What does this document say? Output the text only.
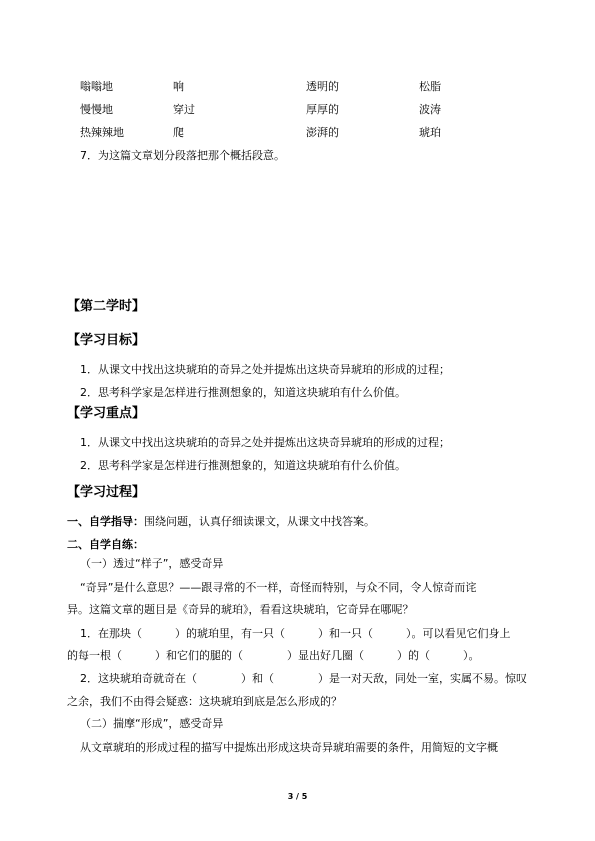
嗡嗡地	响	透明的	松脂
慢慢地	穿过	厚厚的	波涛
热辣辣地	爬	澎湃的	琥珀
7．为这篇文章划分段落把那个概括段意。
【第二学时】
【学习目标】
1．从课文中找出这块琥珀的奇异之处并提炼出这块奇异琥珀的形成的过程；
2．思考科学家是怎样进行推测想象的，知道这块琥珀有什么价值。
【学习重点】
1．从课文中找出这块琥珀的奇异之处并提炼出这块奇异琥珀的形成的过程；
2．思考科学家是怎样进行推测想象的，知道这块琥珀有什么价值。
【学习过程】
一、自学指导：围绕问题，认真仔细读课文，从课文中找答案。
二、自学自练：
（一）透过“样子”，感受奇异
“奇异”是什么意思？——跟寻常的不一样，奇怪而特别，与众不同，令人惊奇而诧
异。这篇文章的题目是《奇异的琥珀》，看看这块琥珀，它奇异在哪呢？
1．在那块（　　　）的琥珀里，有一只（　　　）和一只（　　　）。可以看见它们身上
的每一根（　　　）和它们的腿的（　　　　）显出好几圈（　　　）的（　　　）。
2．这块琥珀奇就奇在（　　　　）和（　　　　）是一对天敌，同处一室，实属不易。惊叹
之余，我们不由得会疑惑：这块琥珀到底是怎么形成的？
（二）揣摩“形成”，感受奇异
从文章琥珀的形成过程的描写中提炼出形成这块奇异琥珀需要的条件，用简短的文字概
3 / 5
